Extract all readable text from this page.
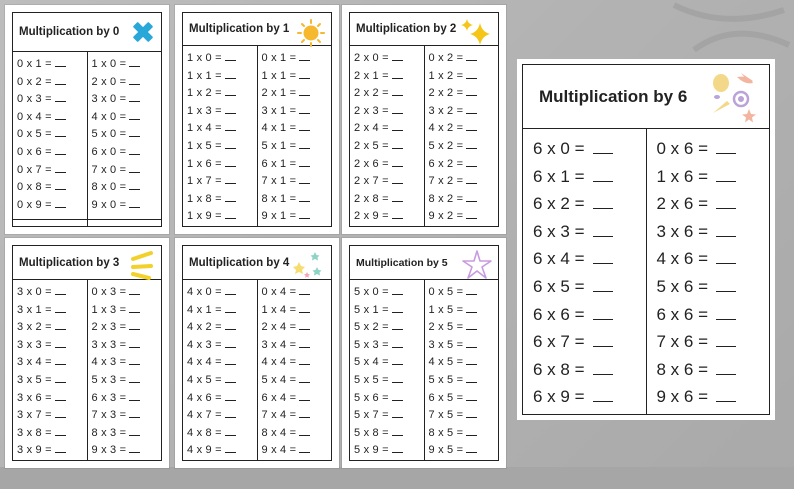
Multiplication by 0
0 x 1 =
0 x 2 =
0 x 3 =
0 x 4 =
0 x 5 =
0 x 6 =
0 x 7 =
0 x 8 =
0 x 9 =
1 x 0 =
2 x 0 =
3 x 0 =
4 x 0 =
5 x 0 =
6 x 0 =
7 x 0 =
8 x 0 =
9 x 0 =
Multiplication by 1
1 x 0 =
1 x 1 =
1 x 2 =
1 x 3 =
1 x 4 =
1 x 5 =
1 x 6 =
1 x 7 =
1 x 8 =
1 x 9 =
0 x 1 =
1 x 1 =
2 x 1 =
3 x 1 =
4 x 1 =
5 x 1 =
6 x 1 =
7 x 1 =
8 x 1 =
9 x 1 =
Multiplication by 2
2 x 0 =
2 x 1 =
2 x 2 =
2 x 3 =
2 x 4 =
2 x 5 =
2 x 6 =
2 x 7 =
2 x 8 =
2 x 9 =
0 x 2 =
1 x 2 =
2 x 2 =
3 x 2 =
4 x 2 =
5 x 2 =
6 x 2 =
7 x 2 =
8 x 2 =
9 x 2 =
Multiplication by 3
3 x 0 =
3 x 1 =
3 x 2 =
3 x 3 =
3 x 4 =
3 x 5 =
3 x 6 =
3 x 7 =
3 x 8 =
3 x 9 =
0 x 3 =
1 x 3 =
2 x 3 =
3 x 3 =
4 x 3 =
5 x 3 =
6 x 3 =
7 x 3 =
8 x 3 =
9 x 3 =
Multiplication by 4
4 x 0 =
4 x 1 =
4 x 2 =
4 x 3 =
4 x 4 =
4 x 5 =
4 x 6 =
4 x 7 =
4 x 8 =
4 x 9 =
0 x 4 =
1 x 4 =
2 x 4 =
3 x 4 =
4 x 4 =
5 x 4 =
6 x 4 =
7 x 4 =
8 x 4 =
9 x 4 =
Multiplication by 5
5 x 0 =
5 x 1 =
5 x 2 =
5 x 3 =
5 x 4 =
5 x 5 =
5 x 6 =
5 x 7 =
5 x 8 =
5 x 9 =
0 x 5 =
1 x 5 =
2 x 5 =
3 x 5 =
4 x 5 =
5 x 5 =
6 x 5 =
7 x 5 =
8 x 5 =
9 x 5 =
Multiplication by 6
6 x 0 =
6 x 1 =
6 x 2 =
6 x 3 =
6 x 4 =
6 x 5 =
6 x 6 =
6 x 7 =
6 x 8 =
6 x 9 =
0 x 6 =
1 x 6 =
2 x 6 =
3 x 6 =
4 x 6 =
5 x 6 =
6 x 6 =
7 x 6 =
8 x 6 =
9 x 6 =
